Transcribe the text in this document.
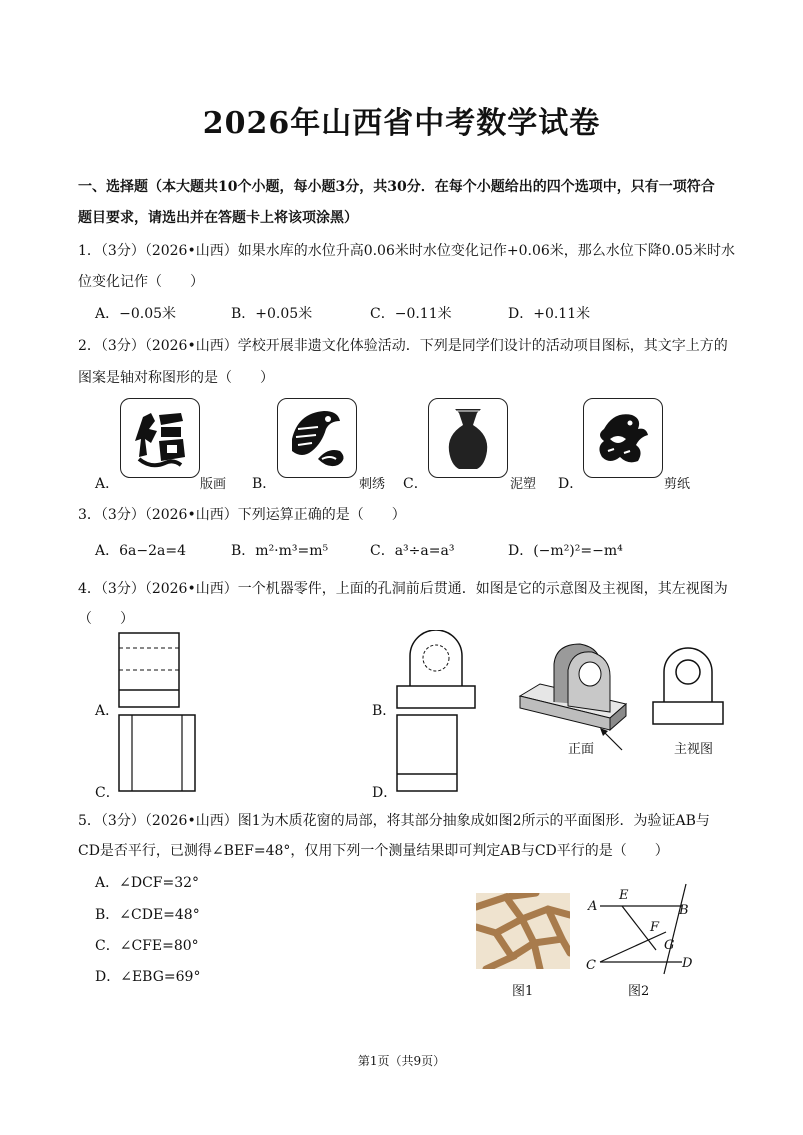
2026年山西省中考数学试卷
一、选择题（本大题共10个小题，每小题3分，共30分．在每个小题给出的四个选项中，只有一项符合
题目要求，请选出并在答题卡上将该项涂黑）
1．（3分）（2026•山西）如果水库的水位升高0.06米时水位变化记作+0.06米，那么水位下降0.05米时水
位变化记作（　　）
A．−0.05米	B．+0.05米	C．−0.11米	D．+0.11米
2．（3分）（2026•山西）学校开展非遗文化体验活动．下列是同学们设计的活动项目图标，其文字上方的
图案是轴对称图形的是（　　）
A．	版画 B．	刺绣 C．	泥塑 D．	剪纸
3．（3分）（2026•山西）下列运算正确的是（　　）
A．6a−2a=4	B．m²·m³=m⁵	C．a³÷a=a³	D．(−m²)²=−m⁴
4．（3分）（2026•山西）一个机器零件，上面的孔洞前后贯通．如图是它的示意图及主视图，其左视图为
（　　）
A．
C．
B．
D．
正面	主视图
5．（3分）（2026•山西）图1为木质花窗的局部，将其部分抽象成如图2所示的平面图形．为验证AB与
CD是否平行，已测得∠BEF=48°，仅用下列一个测量结果即可判定AB与CD平行的是（　　）
A．∠DCF=32°
B．∠CDE=48°
C．∠CFE=80°
D．∠EBG=69°
图1
A
E
B
F
G
C	D
图2
第1页（共9页）
